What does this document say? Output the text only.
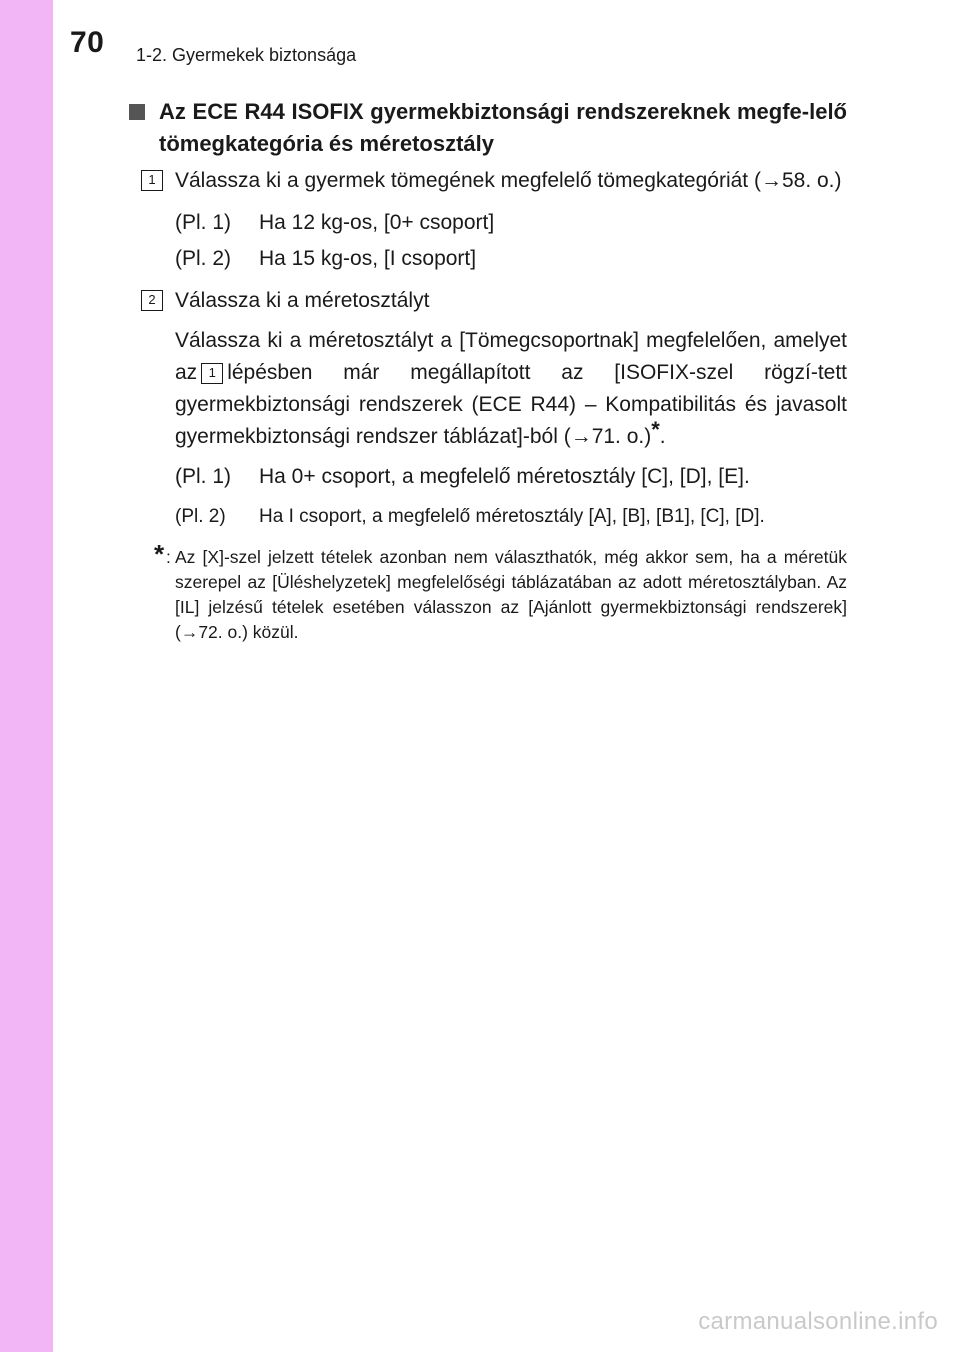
70 1-2. Gyermekek biztonsága
Az ECE R44 ISOFIX gyermekbiztonsági rendszereknek megfe-lelő tömegkategória és méretosztály
1 Válassza ki a gyermek tömegének megfelelő tömegkategóriát (→58. o.)
(Pl. 1) Ha 12 kg-os, [0+ csoport]
(Pl. 2) Ha 15 kg-os, [I csoport]
2 Válassza ki a méretosztályt
Válassza ki a méretosztályt a [Tömegcsoportnak] megfelelően, amelyet az 1 lépésben már megállapított az [ISOFIX-szel rögzí-tett gyermekbiztonsági rendszerek (ECE R44) – Kompatibilitás és javasolt gyermekbiztonsági rendszer táblázat]-ból (→71. o.)*.
(Pl. 1) Ha 0+ csoport, a megfelelő méretosztály [C], [D], [E].
(Pl. 2) Ha I csoport, a megfelelő méretosztály [A], [B], [B1], [C], [D].
* : Az [X]-szel jelzett tételek azonban nem választhatók, még akkor sem, ha a méretük szerepel az [Üléshelyzetek] megfelelőségi táblázatában az adott méretosztályban. Az [IL] jelzésű tételek esetében válasszon az [Ajánlott gyermekbiztonsági rendszerek] (→72. o.) közül.
carmanualsonline.info
